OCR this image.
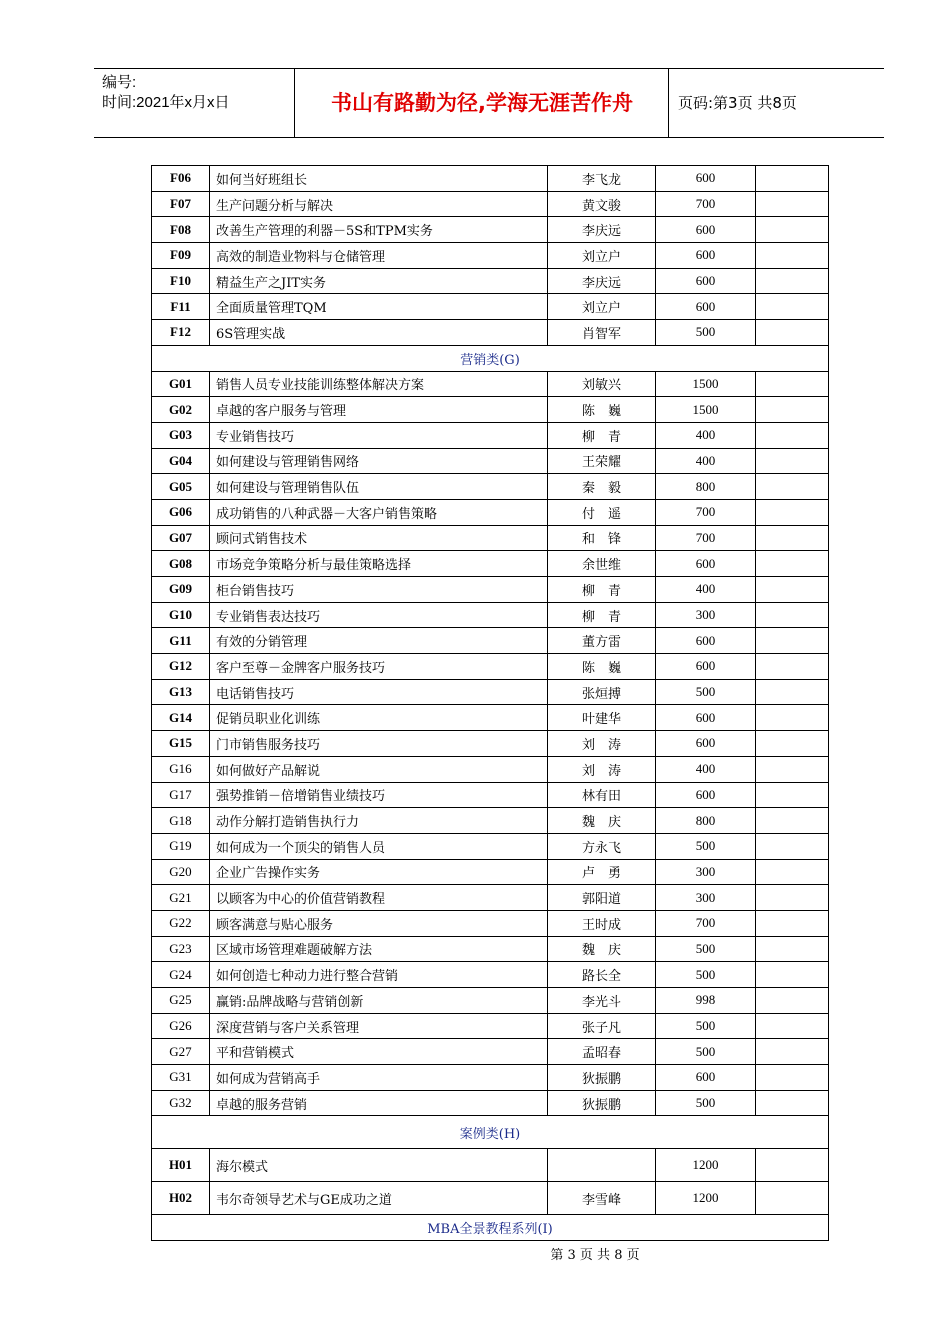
编号:
时间:2021年x月x日	书山有路勤为径,学海无涯苦作舟	页码:第3页 共8页
F06	如何当好班组长	李飞龙	600	
F07	生产问题分析与解决	黄文骏	700	
F08	改善生产管理的利器－5S和TPM实务	李庆远	600	
F09	高效的制造业物料与仓储管理	刘立户	600	
F10	精益生产之JIT实务	李庆远	600	
F11	全面质量管理TQM	刘立户	600	
F12	6S管理实战	肖智军	500	
营销类(G)				
G01	销售人员专业技能训练整体解决方案	刘敏兴	1500	
G02	卓越的客户服务与管理	陈　巍	1500	
G03	专业销售技巧	柳　青	400	
G04	如何建设与管理销售网络	王荣耀	400	
G05	如何建设与管理销售队伍	秦　毅	800	
G06	成功销售的八种武器－大客户销售策略	付　遥	700	
G07	顾问式销售技术	和　锋	700	
G08	市场竞争策略分析与最佳策略选择	余世维	600	
G09	柜台销售技巧	柳　青	400	
G10	专业销售表达技巧	柳　青	300	
G11	有效的分销管理	董方雷	600	
G12	客户至尊－金牌客户服务技巧	陈　巍	600	
G13	电话销售技巧	张烜搏	500	
G14	促销员职业化训练	叶建华	600	
G15	门市销售服务技巧	刘　涛	600	
G16	如何做好产品解说	刘　涛	400	
G17	强势推销－倍增销售业绩技巧	林有田	600	
G18	动作分解打造销售执行力	魏　庆	800	
G19	如何成为一个顶尖的销售人员	方永飞	500	
G20	企业广告操作实务	卢　勇	300	
G21	以顾客为中心的价值营销教程	郭阳道	300	
G22	顾客满意与贴心服务	王时成	700	
G23	区域市场管理难题破解方法	魏　庆	500	
G24	如何创造七种动力进行整合营销	路长全	500	
G25	赢销:品牌战略与营销创新	李光斗	998	
G26	深度营销与客户关系管理	张子凡	500	
G27	平和营销模式	孟昭春	500	
G31	如何成为营销高手	狄振鹏	600	
G32	卓越的服务营销	狄振鹏	500	
案例类(H)				
H01	海尔模式		1200	
H02	韦尔奇领导艺术与GE成功之道	李雪峰	1200	
MBA全景教程系列(I)				
第 3 页 共 8 页
